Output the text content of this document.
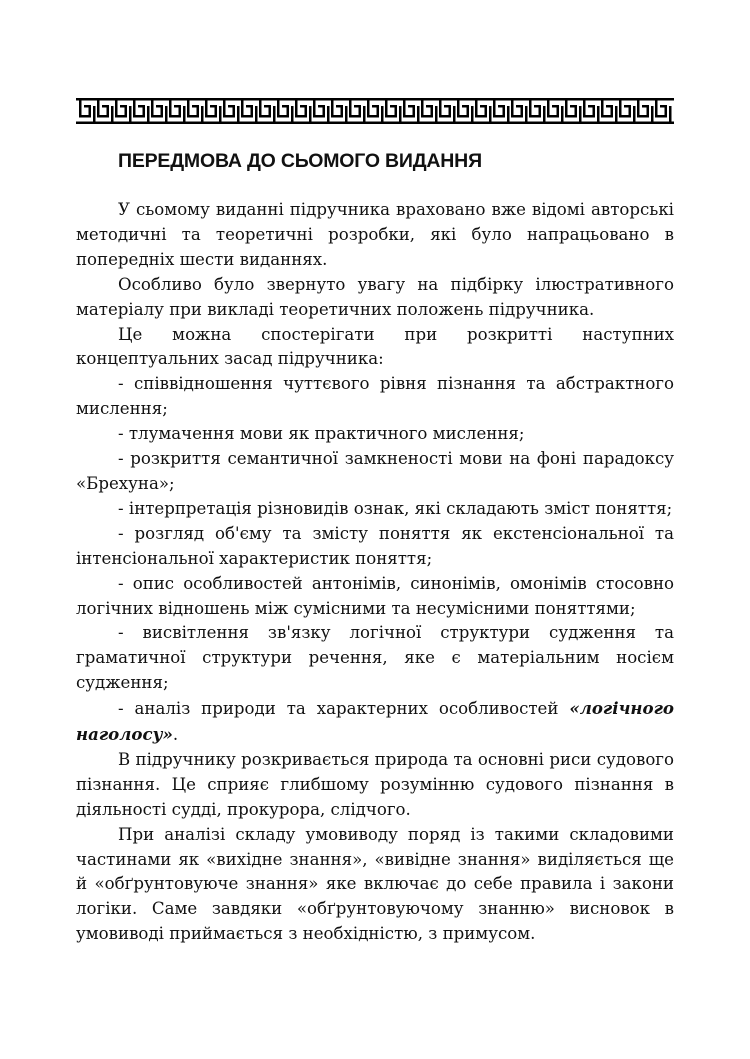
ПЕРЕДМОВА ДО СЬОМОГО ВИДАННЯ

У сьомому виданні підручника враховано вже відомі авторські методичні та теоретичні розробки, які було напрацьовано в попередніх шести виданнях.

Особливо було звернуто увагу на підбірку ілюстративного матеріалу при викладі теоретичних положень підручника.

Це можна спостерігати при розкритті наступних концептуальних засад підручника:

- співвідношення чуттєвого рівня пізнання та абстрактного мислення;

- тлумачення мови як практичного мислення;

- розкриття семантичної замкненості мови на фоні парадоксу «Брехуна»;

- інтерпретація різновидів ознак, які складають зміст поняття;

- розгляд об'єму та змісту поняття як екстенсіональної та інтенсіональної характеристик поняття;

- опис особливостей антонімів, синонімів, омонімів стосовно логічних відношень між сумісними та несумісними поняттями;

- висвітлення зв'язку логічної структури судження та граматичної структури речення, яке є матеріальним носієм судження;

- аналіз природи та характерних особливостей «логічного наголосу».

В підручнику розкривається природа та основні риси судового пізнання. Це сприяє глибшому розумінню судового пізнання в діяльності судді, прокурора, слідчого.

При аналізі складу умовиводу поряд із такими складовими частинами як «вихідне знання», «вивідне знання» виділяється ще й «обґрунтовуюче знання» яке включає до себе правила і закони логіки. Саме завдяки «обґрунтовуючому знанню» висновок в умовиводі приймається з необхідністю, з примусом.
